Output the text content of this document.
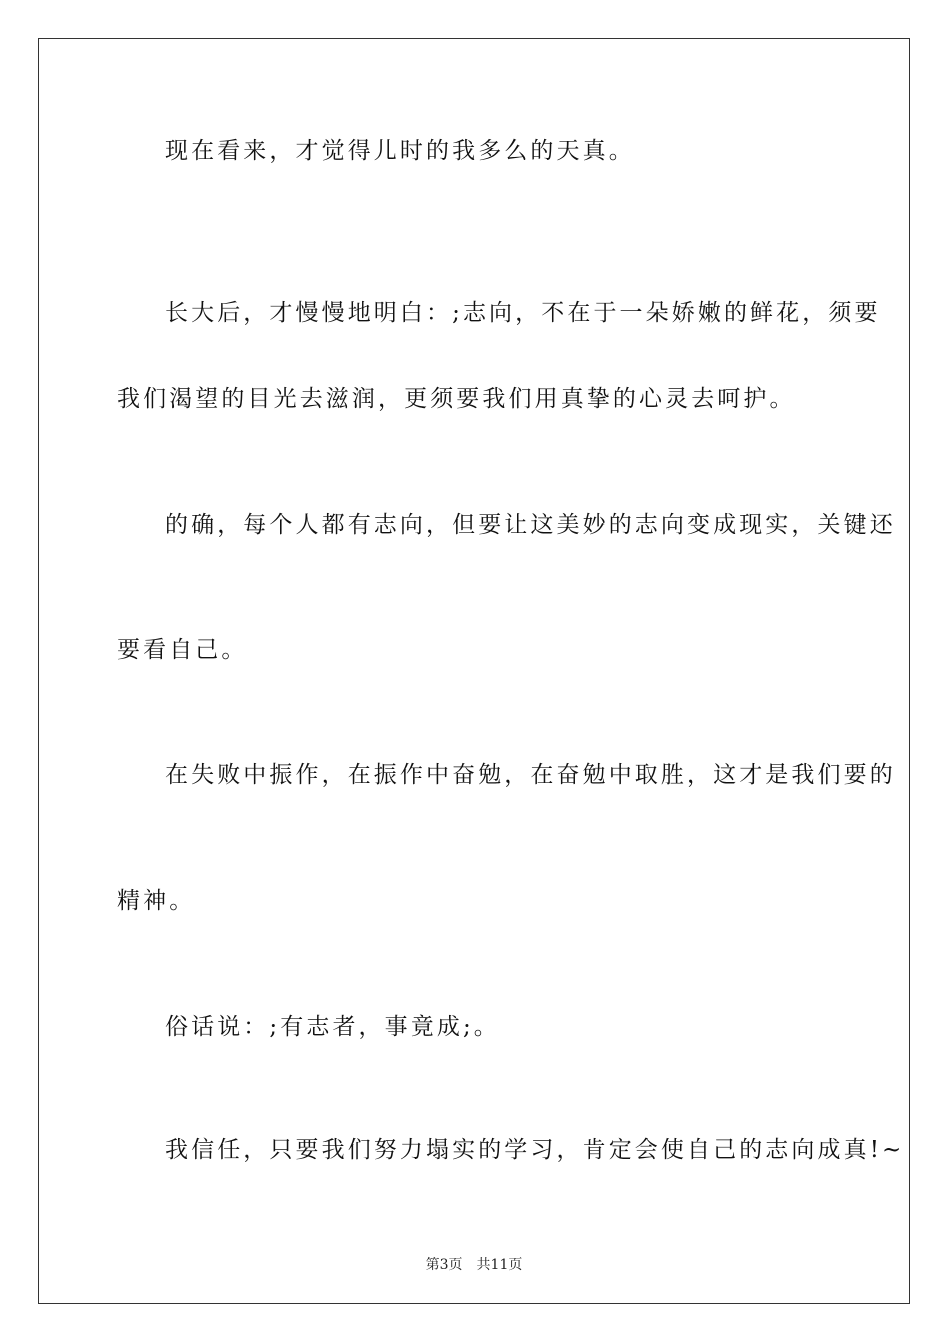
现在看来，才觉得儿时的我多么的天真。
长大后，才慢慢地明白：;志向，不在于一朵娇嫩的鲜花，须要
我们渴望的目光去滋润，更须要我们用真挚的心灵去呵护。
的确，每个人都有志向，但要让这美妙的志向变成现实，关键还
要看自己。
在失败中振作，在振作中奋勉，在奋勉中取胜，这才是我们要的
精神。
俗话说：;有志者，事竟成;。
我信任，只要我们努力塌实的学习，肯定会使自己的志向成真!~
第3页 共11页
